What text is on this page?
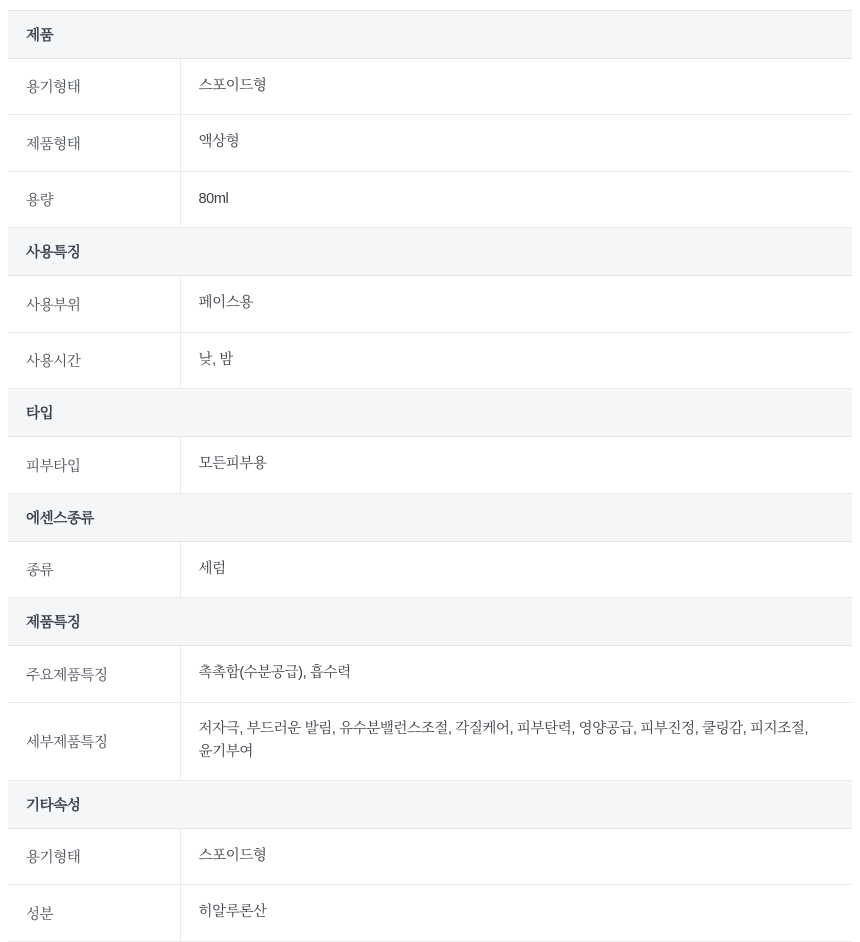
제품	
용기형태	스포이드형
제품형태	액상형
용량	80ml
사용특징	
사용부위	페이스용
사용시간	낮, 밤
타입	
피부타입	모든피부용
에센스종류	
종류	세럼
제품특징	
주요제품특징	촉촉함(수분공급), 흡수력
세부제품특징	저자극, 부드러운 발림, 유수분밸런스조절, 각질케어, 피부탄력, 영양공급, 피부진정, 쿨링감, 피지조절, 윤기부여
기타속성	
용기형태	스포이드형
성분	히알루론산
